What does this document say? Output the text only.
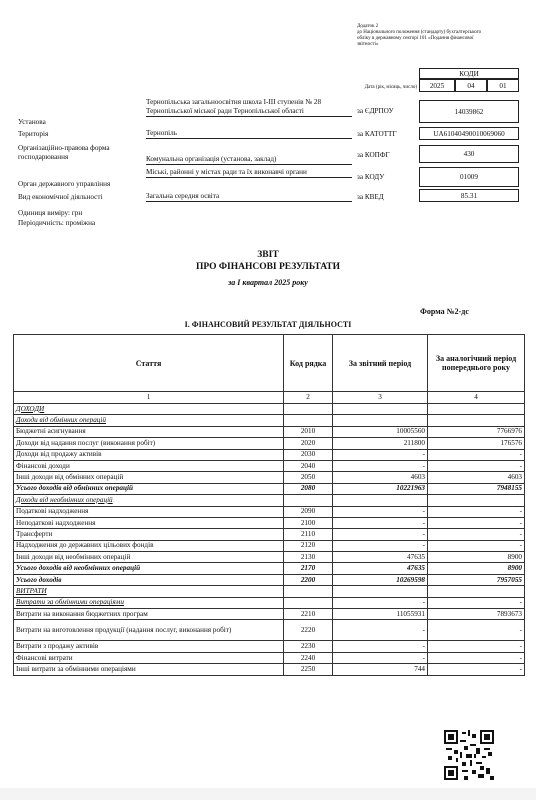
Додаток 2
до Національного положення (стандарту) бухгалтерського
обліку в державному секторі 101 «Подання фінансової
звітності»
КОДИ
Дата (рік, місяць, число)	2025	04	01
Установа
Тернопільська загальноосвітня школа І-ІІІ ступенів № 28 Тернопільської міської ради Тернопільської області	за ЄДРПОУ	14039862
Територія	Тернопіль	за КАТОТТГ	UA61040490010069060
Організаційно-правова форма господарювання	Комунальна організація (установа, заклад)	за КОПФГ	430
Орган державного управління
Міські, районні у містах ради та їх виконавчі органи
за КОДУ	01009
Вид економічної діяльності	Загальна середня освіта	за КВЕД	85.31
Одиниця виміру: грн
Періодичність: проміжна
ЗВІТ
ПРО ФІНАНСОВІ РЕЗУЛЬТАТИ
за I квартал 2025 року
Форма №2-дс
I. ФІНАНСОВИЙ РЕЗУЛЬТАТ ДІЯЛЬНОСТІ
Стаття	Код рядка	За звітний період	За аналогічний період попереднього року
1	2	3	4
ДОХОДИ			
Доходи від обмінних операцій			
Бюджетні асигнування	2010	10005560	7766976
Доходи від надання послуг (виконання робіт)	2020	211800	176576
Доходи від продажу активів	2030	-	-
Фінансові доходи	2040	-	-
Інші доходи від обмінних операцій	2050	4603	4603
Усього доходів від обмінних операцій	2080	10221963	7948155
Доходи від необмінних операцій			
Податкові надходження	2090	-	-
Неподаткові надходження	2100	-	-
Трансферти	2110	-	-
Надходження до державних цільових фондів	2120	-	-
Інші доходи від необмінних операцій	2130	47635	8900
Усього доходів від необмінних операцій	2170	47635	8900
Усього доходів	2200	10269598	7957055
ВИТРАТИ			
Витрати за обмінними операціями		-	-
Витрати на виконання бюджетних програм	2210	11055931	7893673
Витрати на виготовлення продукції (надання послуг, виконання робіт)	2220	-	-
Витрати з продажу активів	2230	-	-
Фінансові витрати	2240	-	-
Інші витрати за обмінними операціями	2250	744	-
